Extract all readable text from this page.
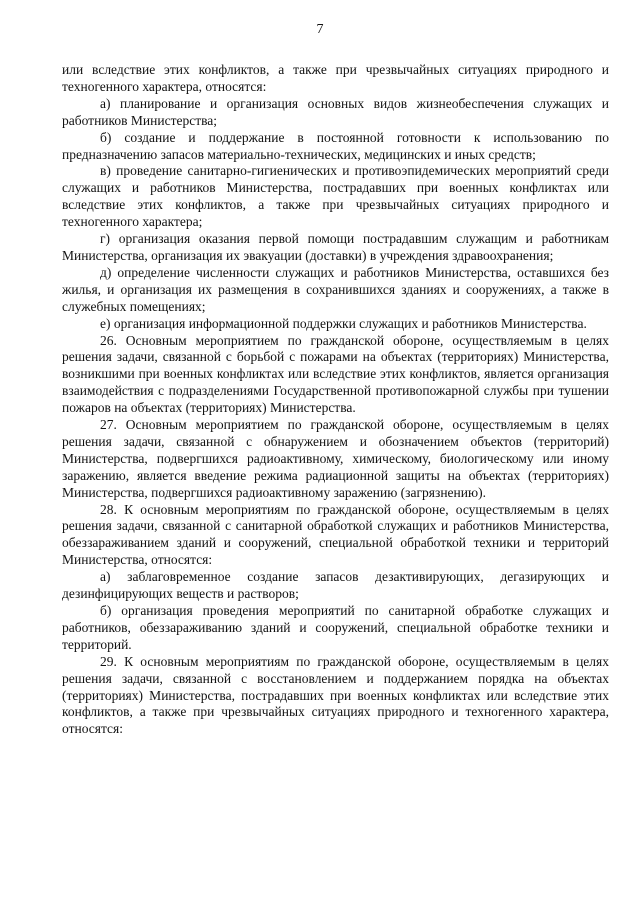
7

или вследствие этих конфликтов, а также при чрезвычайных ситуациях природного и техногенного характера, относятся:

а) планирование и организация основных видов жизнеобеспечения служащих и работников Министерства;

б) создание и поддержание в постоянной готовности к использованию по предназначению запасов материально-технических, медицинских и иных средств;

в) проведение санитарно-гигиенических и противоэпидемических мероприятий среди служащих и работников Министерства, пострадавших при военных конфликтах или вследствие этих конфликтов, а также при чрезвычайных ситуациях природного и техногенного характера;

г) организация оказания первой помощи пострадавшим служащим и работникам Министерства, организация их эвакуации (доставки) в учреждения здравоохранения;

д) определение численности служащих и работников Министерства, оставшихся без жилья, и организация их размещения в сохранившихся зданиях и сооружениях, а также в служебных помещениях;

е) организация информационной поддержки служащих и работников Министерства.

26. Основным мероприятием по гражданской обороне, осуществляемым в целях решения задачи, связанной с борьбой с пожарами на объектах (территориях) Министерства, возникшими при военных конфликтах или вследствие этих конфликтов, является организация взаимодействия с подразделениями Государственной противопожарной службы при тушении пожаров на объектах (территориях) Министерства.

27. Основным мероприятием по гражданской обороне, осуществляемым в целях решения задачи, связанной с обнаружением и обозначением объектов (территорий) Министерства, подвергшихся радиоактивному, химическому, биологическому или иному заражению, является введение режима радиационной защиты на объектах (территориях) Министерства, подвергшихся радиоактивному заражению (загрязнению).

28. К основным мероприятиям по гражданской обороне, осуществляемым в целях решения задачи, связанной с санитарной обработкой служащих и работников Министерства, обеззараживанием зданий и сооружений, специальной обработкой техники и территорий Министерства, относятся:

а) заблаговременное создание запасов дезактивирующих, дегазирующих и дезинфицирующих веществ и растворов;

б) организация проведения мероприятий по санитарной обработке служащих и работников, обеззараживанию зданий и сооружений, специальной обработке техники и территорий.

29. К основным мероприятиям по гражданской обороне, осуществляемым в целях решения задачи, связанной с восстановлением и поддержанием порядка на объектах (территориях) Министерства, пострадавших при военных конфликтах или вследствие этих конфликтов, а также при чрезвычайных ситуациях природного и техногенного характера, относятся:
